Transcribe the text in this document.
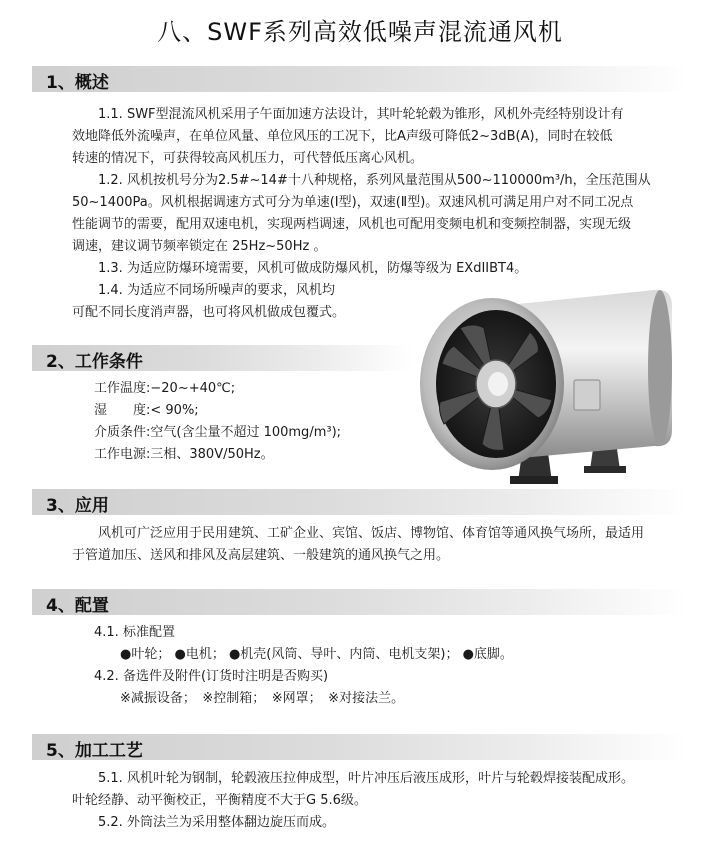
八、SWF系列高效低噪声混流通风机
1、概述
1.1. SWF型混流风机采用子午面加速方法设计，其叶轮轮毂为锥形，风机外壳经特别设计有
效地降低外流噪声，在单位风量、单位风压的工况下，比A声级可降低2~3dB(A)，同时在较低
转速的情况下，可获得较高风机压力，可代替低压离心风机。
1.2. 风机按机号分为2.5#~14#十八种规格，系列风量范围从500~110000m³/h，全压范围从
50~1400Pa。风机根据调速方式可分为单速(Ⅰ型)，双速(Ⅱ型)。双速风机可满足用户对不同工况点
性能调节的需要，配用双速电机，实现两档调速，风机也可配用变频电机和变频控制器，实现无级
调速，建议调节频率锁定在 25Hz~50Hz 。
1.3. 为适应防爆环境需要，风机可做成防爆风机，防爆等级为 EXdIIBT4。
1.4. 为适应不同场所噪声的要求，风机均
可配不同长度消声器，也可将风机做成包覆式。
2、工作条件
工作温度:−20~+40℃;
湿　　度:< 90%;
介质条件:空气(含尘量不超过 100mg/m³);
工作电源:三相、380V/50Hz。
3、应用
风机可广泛应用于民用建筑、工矿企业、宾馆、饭店、博物馆、体育馆等通风换气场所，最适用
于管道加压、送风和排风及高层建筑、一般建筑的通风换气之用。
4、配置
4.1. 标准配置
●叶轮； ●电机； ●机壳(风筒、导叶、内筒、电机支架)； ●底脚。
4.2. 备选件及附件(订货时注明是否购买)
※减振设备；　※控制箱；　※网罩；　※对接法兰。
5、加工工艺
5.1. 风机叶轮为钢制，轮毂液压拉伸成型，叶片冲压后液压成形，叶片与轮毂焊接装配成形。
叶轮经静、动平衡校正，平衡精度不大于G 5.6级。
5.2. 外筒法兰为采用整体翻边旋压而成。
